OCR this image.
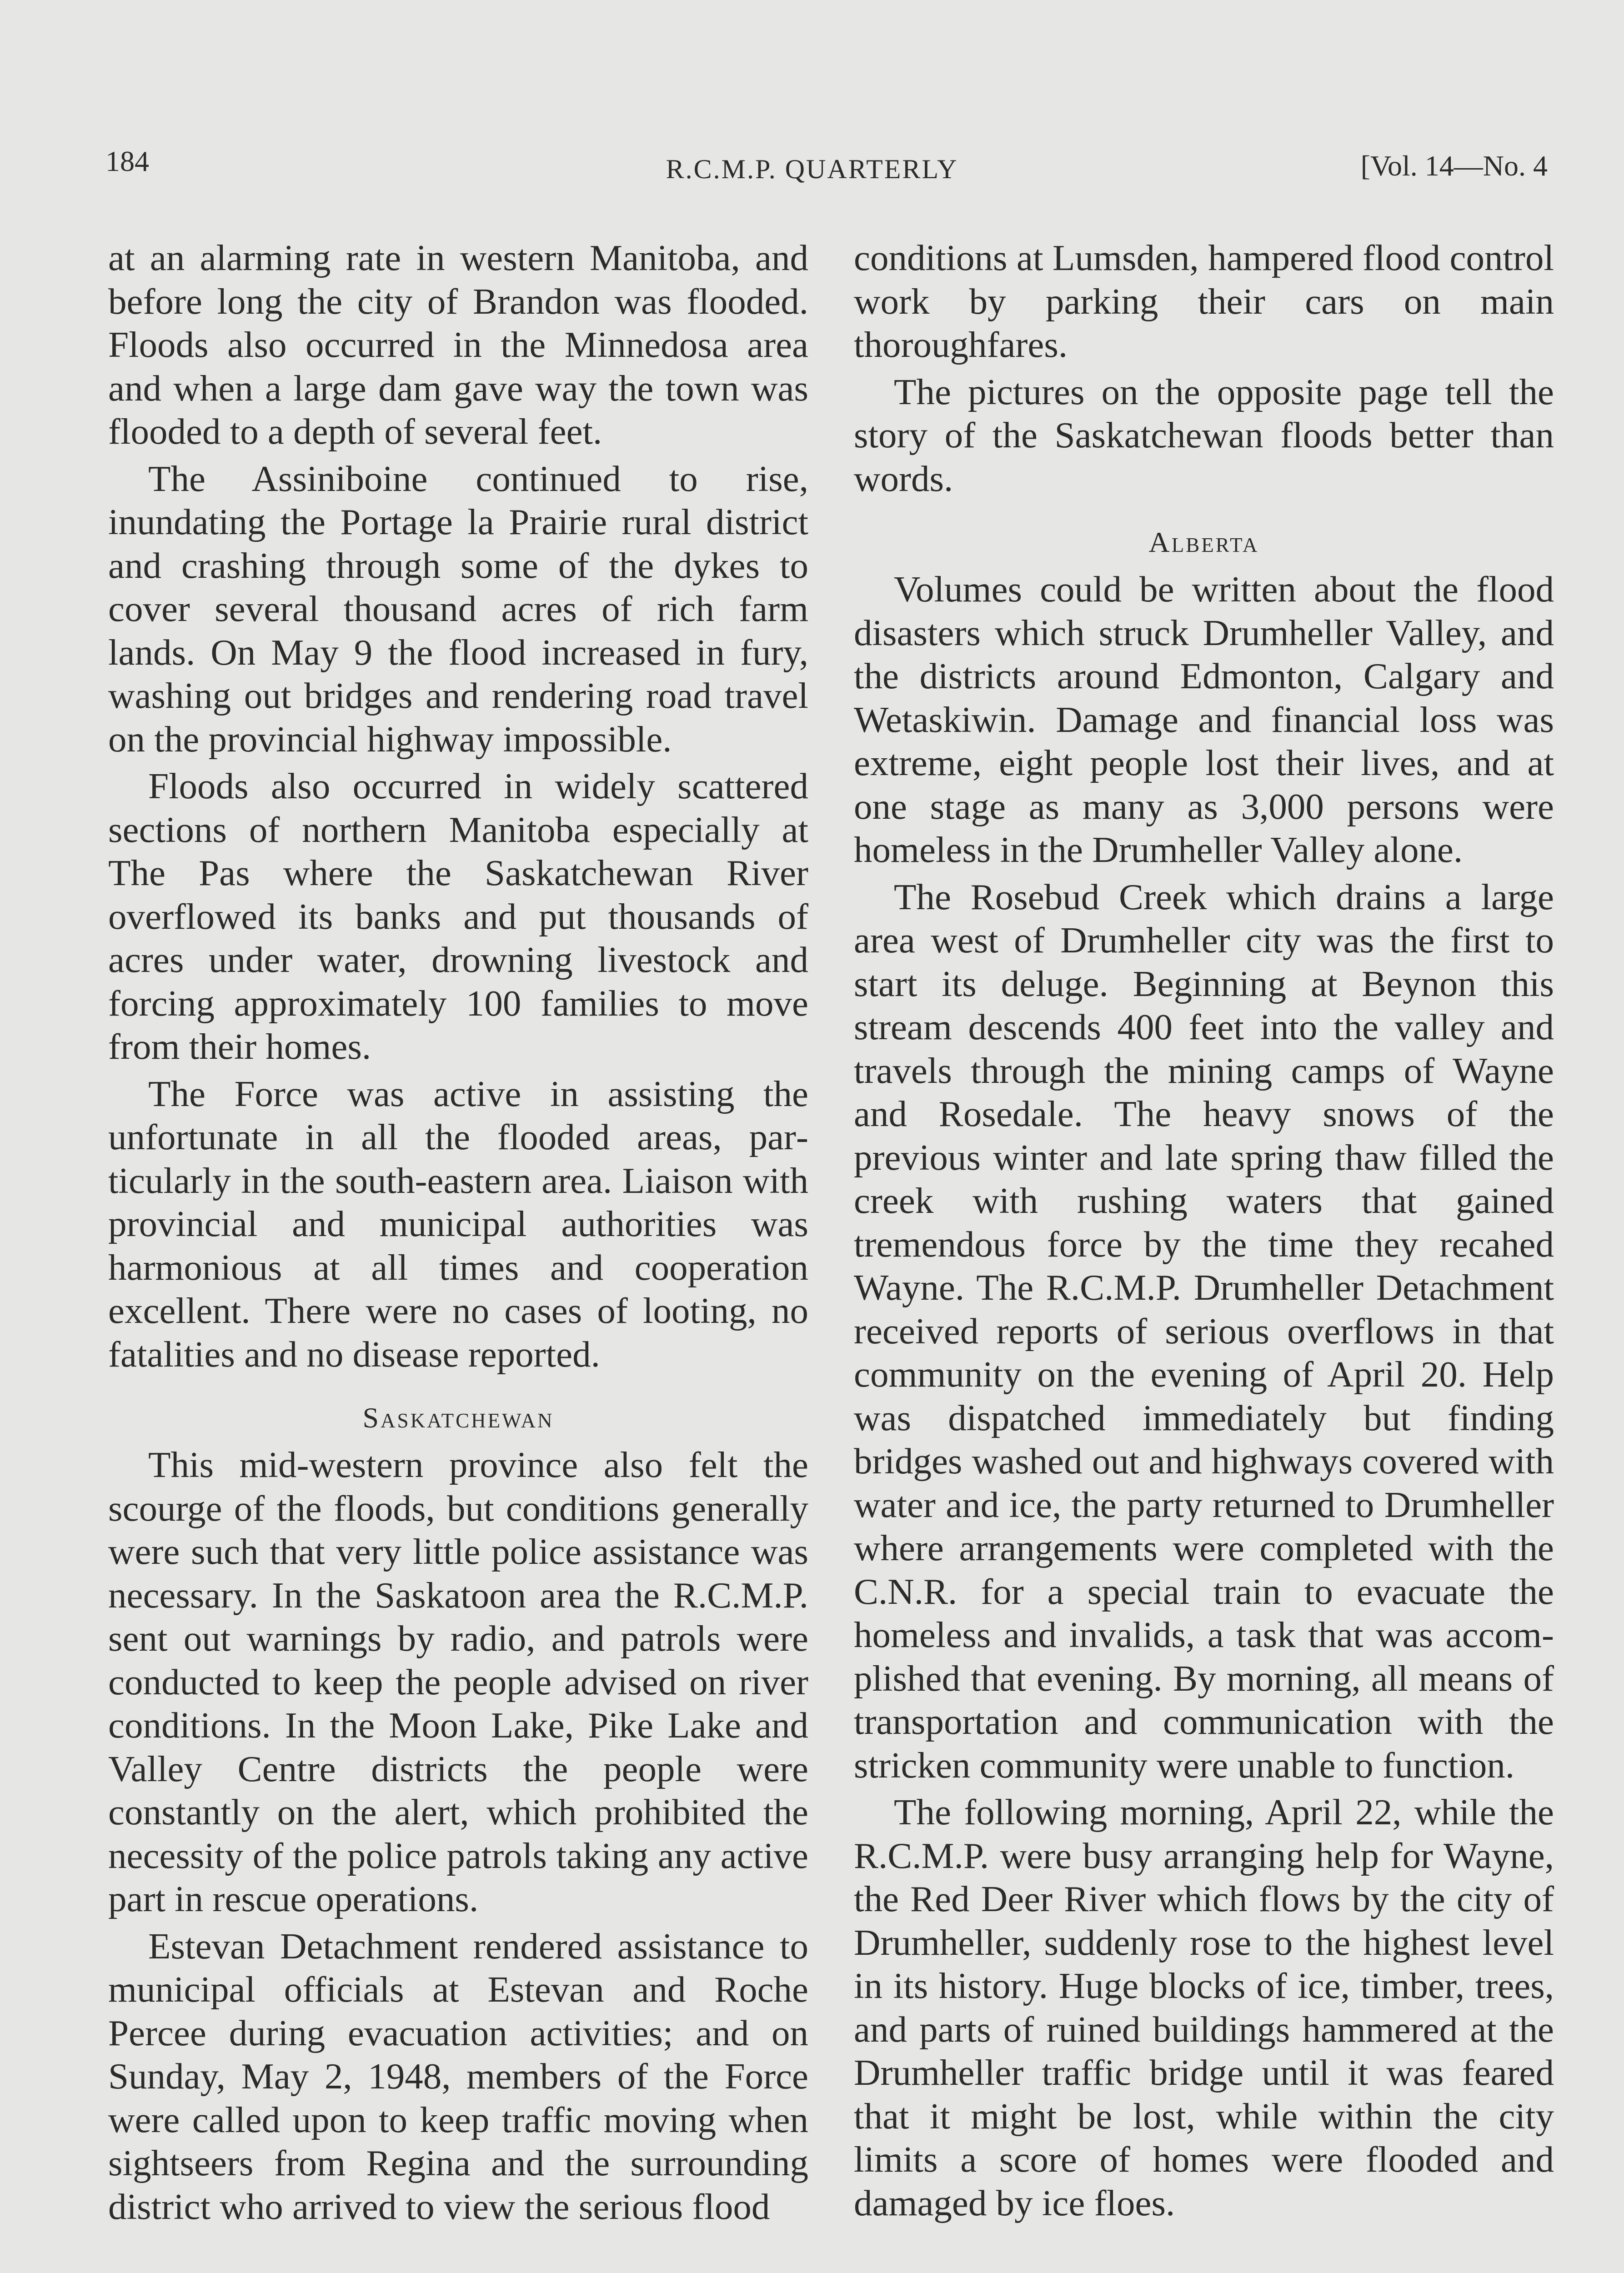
184	R.C.M.P. QUARTERLY	[Vol. 14—No. 4

at an alarming rate in western Manitoba, and before long the city of Brandon was flooded. Floods also occurred in the Minnedosa area and when a large dam gave way the town was flooded to a depth of several feet.

The Assiniboine continued to rise, inundating the Portage la Prairie rural district and crashing through some of the dykes to cover several thousand acres of rich farm lands. On May 9 the flood increased in fury, washing out bridges and rendering road travel on the provincial highway impossible.

Floods also occurred in widely scattered sections of northern Manitoba especially at The Pas where the Saskatchewan River overflowed its banks and put thousands of acres under water, drowning livestock and forcing approximately 100 families to move from their homes.

The Force was active in assisting the unfortunate in all the flooded areas, particularly in the south-eastern area. Liaison with provincial and municipal authorities was harmonious at all times and cooperation excellent. There were no cases of looting, no fatalities and no disease reported.

Saskatchewan

This mid-western province also felt the scourge of the floods, but conditions generally were such that very little police assistance was necessary. In the Saskatoon area the R.C.M.P. sent out warnings by radio, and patrols were conducted to keep the people advised on river conditions. In the Moon Lake, Pike Lake and Valley Centre districts the people were constantly on the alert, which prohibited the necessity of the police patrols taking any active part in rescue operations.

Estevan Detachment rendered assistance to municipal officials at Estevan and Roche Percee during evacuation activities; and on Sunday, May 2, 1948, members of the Force were called upon to keep traffic moving when sightseers from Regina and the surrounding district who arrived to view the serious flood

conditions at Lumsden, hampered flood control work by parking their cars on main thoroughfares.

The pictures on the opposite page tell the story of the Saskatchewan floods better than words.

Alberta

Volumes could be written about the flood disasters which struck Drumheller Valley, and the districts around Edmonton, Calgary and Wetaskiwin. Damage and financial loss was extreme, eight people lost their lives, and at one stage as many as 3,000 persons were homeless in the Drumheller Valley alone.

The Rosebud Creek which drains a large area west of Drumheller city was the first to start its deluge. Beginning at Beynon this stream descends 400 feet into the valley and travels through the mining camps of Wayne and Rosedale. The heavy snows of the previous winter and late spring thaw filled the creek with rushing waters that gained tremendous force by the time they recahed Wayne. The R.C.M.P. Drumheller Detachment received reports of serious overflows in that community on the evening of April 20. Help was dispatched immediately but finding bridges washed out and highways covered with water and ice, the party returned to Drumheller where arrangements were completed with the C.N.R. for a special train to evacuate the homeless and invalids, a task that was accomplished that evening. By morning, all means of transportation and communication with the stricken community were unable to function.

The following morning, April 22, while the R.C.M.P. were busy arranging help for Wayne, the Red Deer River which flows by the city of Drumheller, suddenly rose to the highest level in its history. Huge blocks of ice, timber, trees, and parts of ruined buildings hammered at the Drumheller traffic bridge until it was feared that it might be lost, while within the city limits a score of homes were flooded and damaged by ice floes.
